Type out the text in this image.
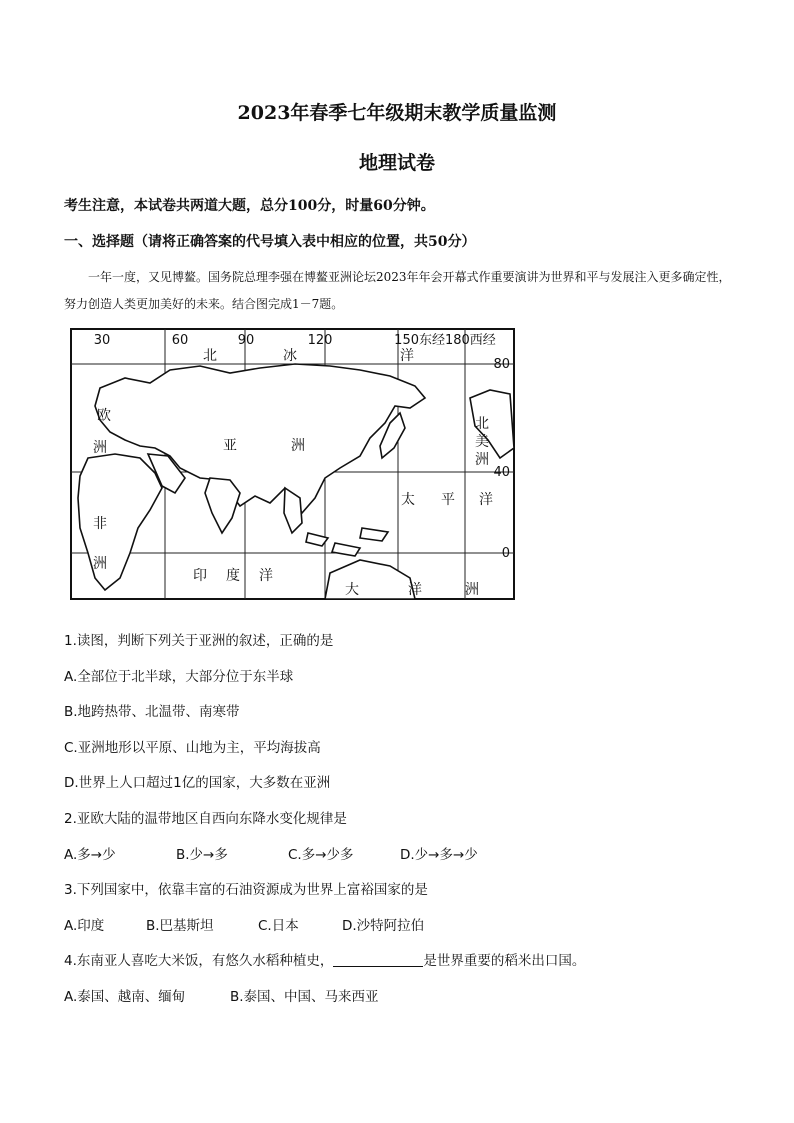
2023年春季七年级期末教学质量监测
地理试卷
考生注意，本试卷共两道大题，总分100分，时量60分钟。
一、选择题（请将正确答案的代号填入表中相应的位置，共50分）
一年一度，又见博鳌。国务院总理李强在博鳌亚洲论坛2023年年会开幕式作重要演讲为世界和平与发展注入更多确定性，努力创造人类更加美好的未来。结合图完成1－7题。
30	60	90	120	150东经180西经
80
40
0
北	冰	洋
欧
洲	亚	洲
非
洲
印 度 洋
太 平 洋
北
美
洲
大	洋	洲
1.读图，判断下列关于亚洲的叙述，正确的是
A.全部位于北半球，大部分位于东半球
B.地跨热带、北温带、南寒带
C.亚洲地形以平原、山地为主，平均海拔高
D.世界上人口超过1亿的国家，大多数在亚洲
2.亚欧大陆的温带地区自西向东降水变化规律是
A.多→少	B.少→多	C.多→少多	D.少→多→少
3.下列国家中，依靠丰富的石油资源成为世界上富裕国家的是
A.印度	B.巴基斯坦	C.日本	D.沙特阿拉伯
4.东南亚人喜吃大米饭，有悠久水稻种植史，	是世界重要的稻米出口国。
A.泰国、越南、缅甸	B.泰国、中国、马来西亚
